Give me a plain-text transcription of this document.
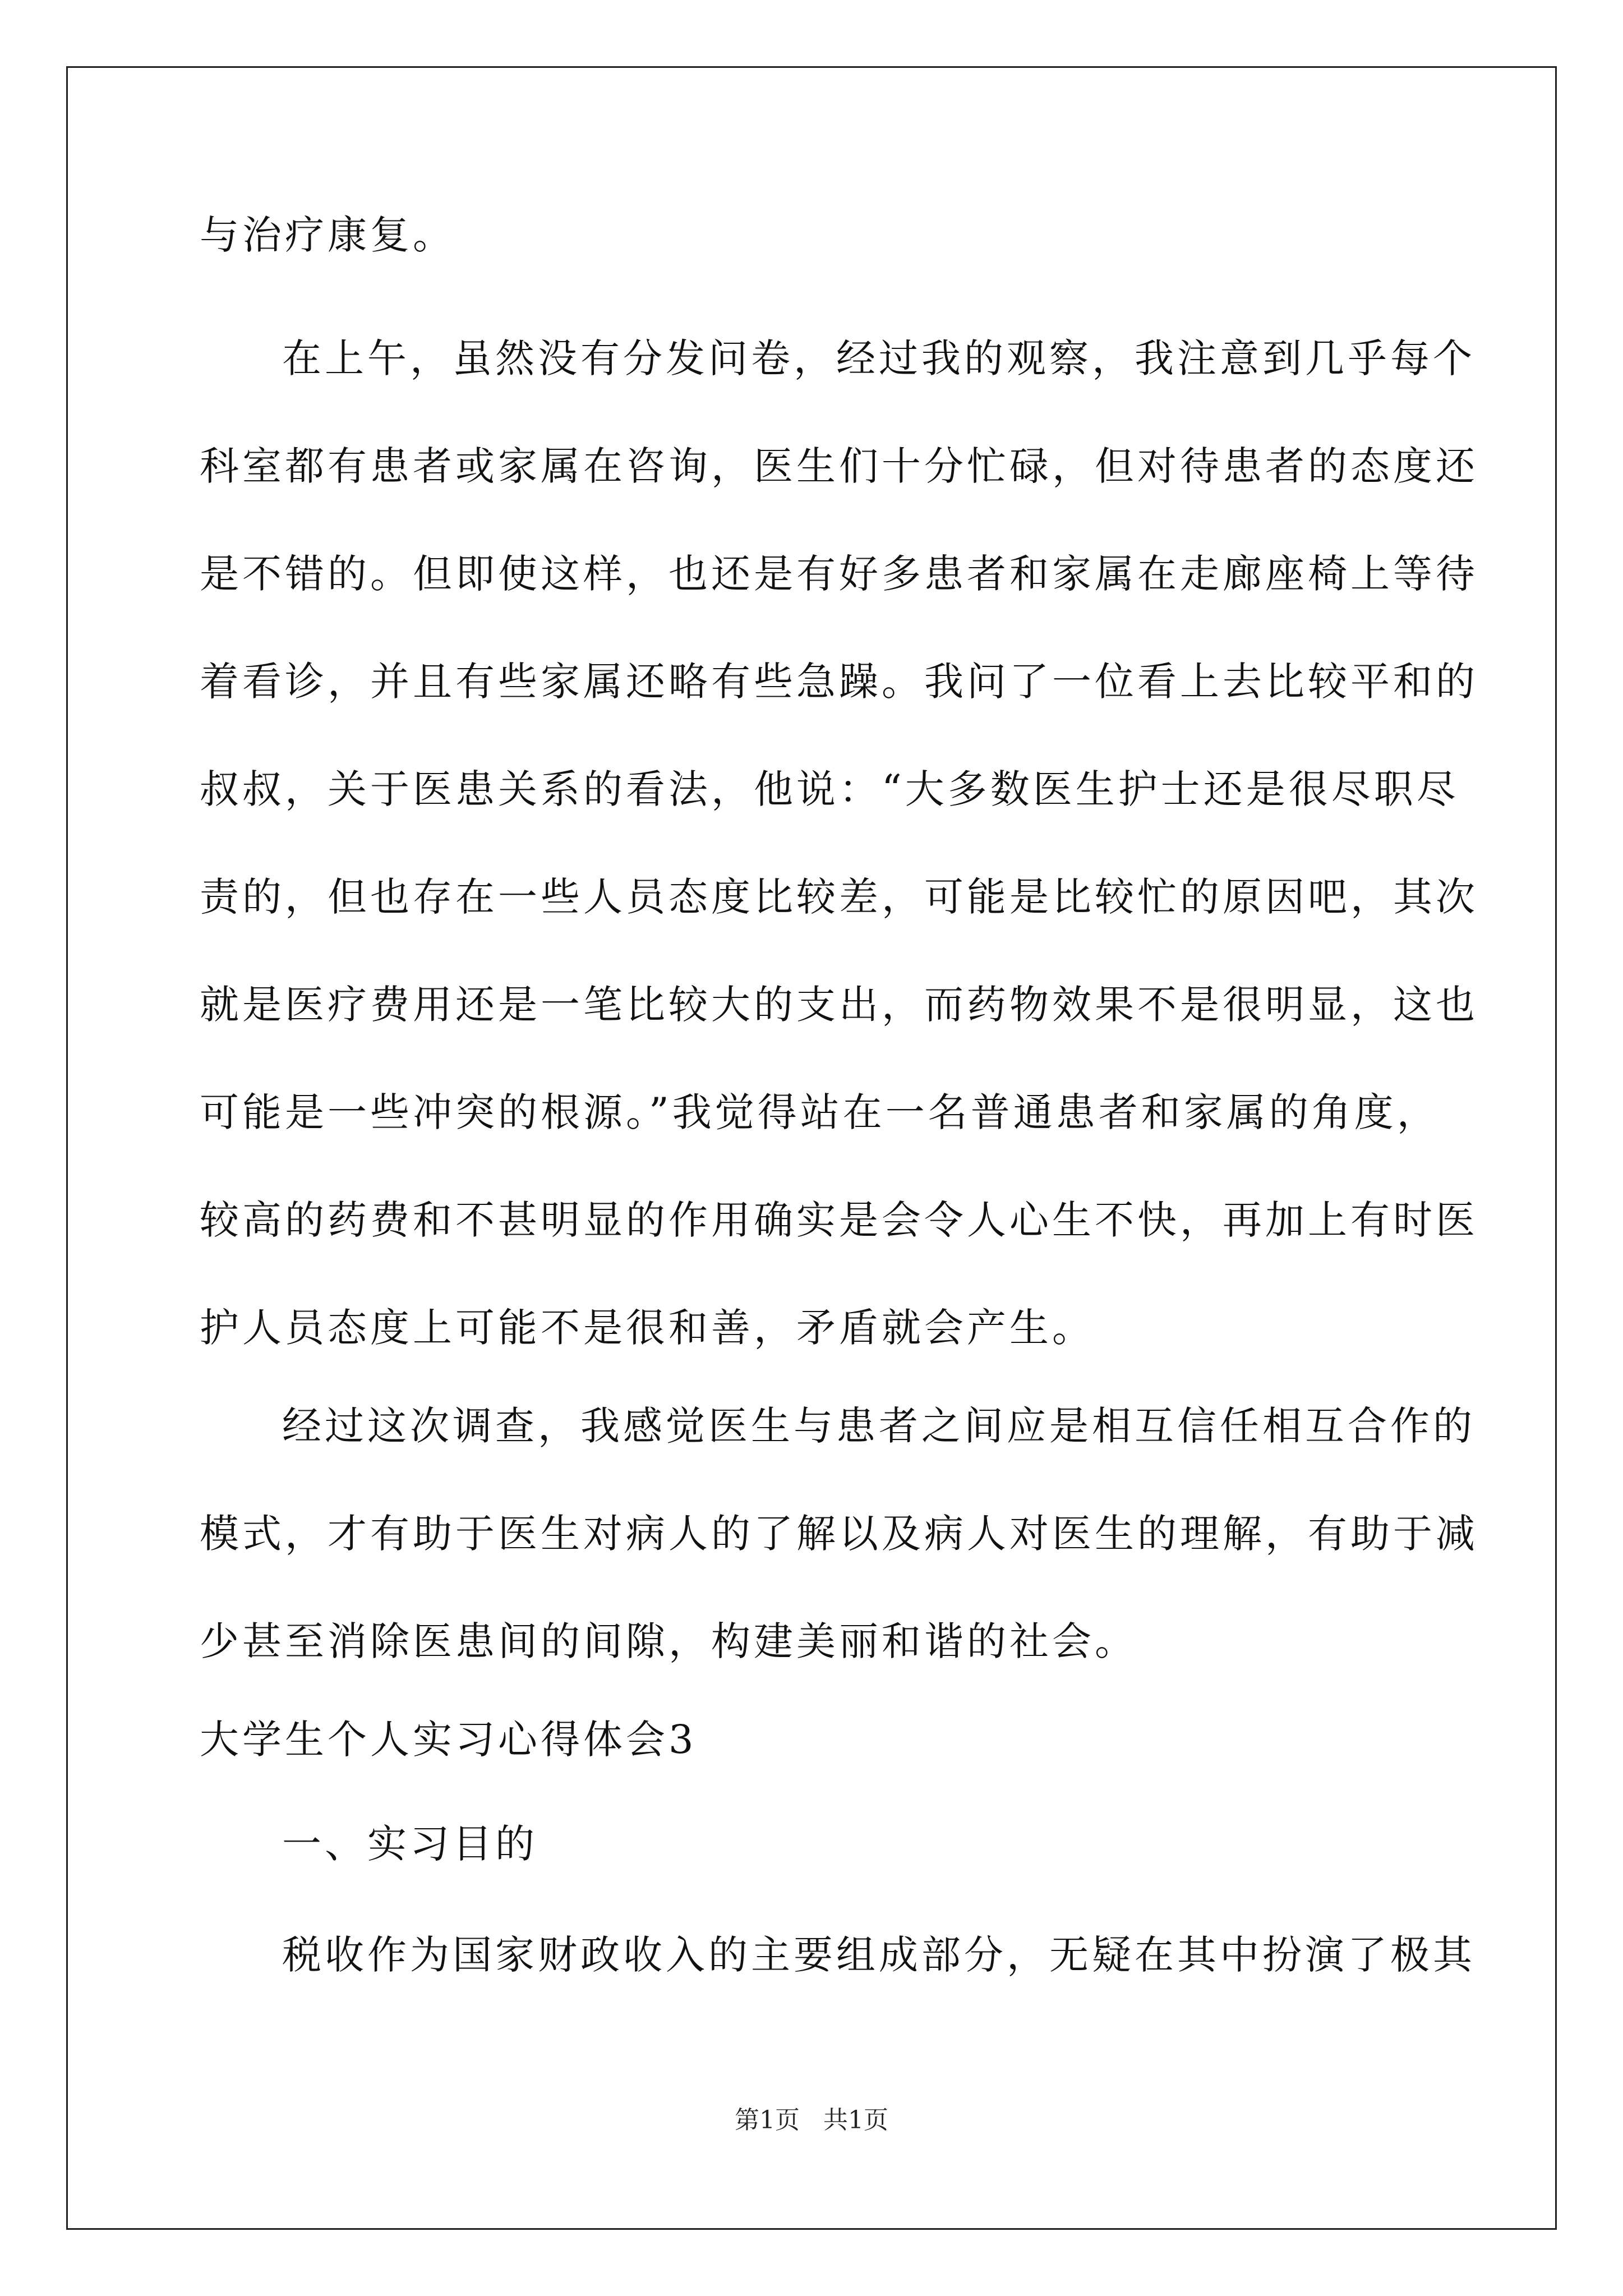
与治疗康复。
在上午，虽然没有分发问卷，经过我的观察，我注意到几乎每个
科室都有患者或家属在咨询，医生们十分忙碌，但对待患者的态度还
是不错的。但即使这样，也还是有好多患者和家属在走廊座椅上等待
着看诊，并且有些家属还略有些急躁。我问了一位看上去比较平和的
叔叔，关于医患关系的看法，他说：“大多数医生护士还是很尽职尽
责的，但也存在一些人员态度比较差，可能是比较忙的原因吧，其次
就是医疗费用还是一笔比较大的支出，而药物效果不是很明显，这也
可能是一些冲突的根源。”我觉得站在一名普通患者和家属的角度，
较高的药费和不甚明显的作用确实是会令人心生不快，再加上有时医
护人员态度上可能不是很和善，矛盾就会产生。
经过这次调查，我感觉医生与患者之间应是相互信任相互合作的
模式，才有助于医生对病人的了解以及病人对医生的理解，有助于减
少甚至消除医患间的间隙，构建美丽和谐的社会。
大学生个人实习心得体会3
一、实习目的
税收作为国家财政收入的主要组成部分，无疑在其中扮演了极其
第1页   共1页
